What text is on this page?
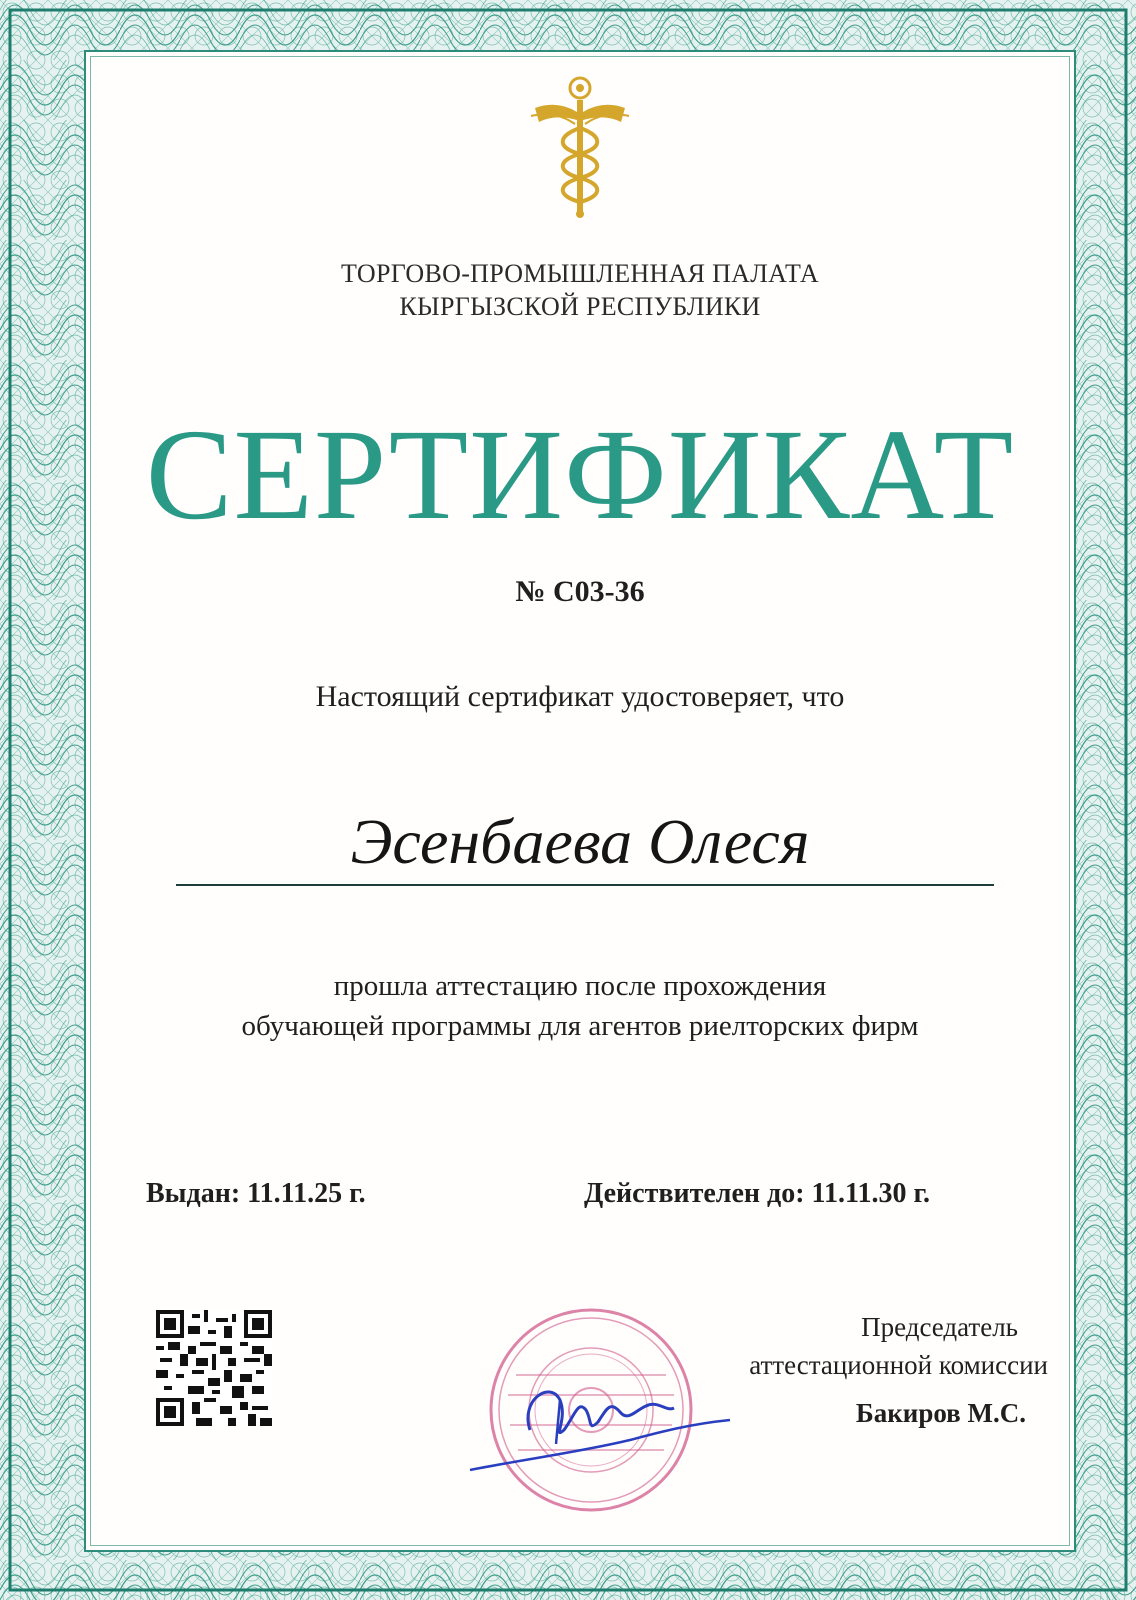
ТОРГОВО-ПРОМЫШЛЕННАЯ ПАЛАТА
КЫРГЫЗСКОЙ РЕСПУБЛИКИ
СЕРТИФИКАТ
№ С03-36
Настоящий сертификат удостоверяет, что
Эсенбаева Олеся
прошла аттестацию после прохождения
обучающей программы для агентов риелторских фирм
Выдан: 11.11.25 г.	Действителен до: 11.11.30 г.
Председатель
аттестационной комиссии
Бакиров М.С.
